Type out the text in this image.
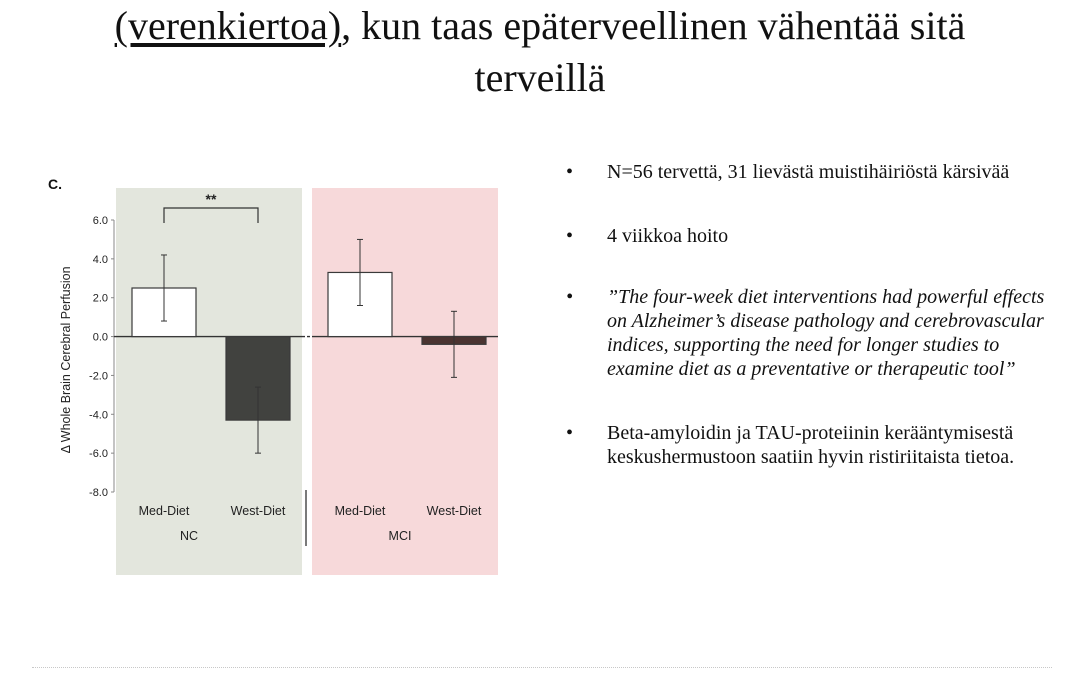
(verenkiertoa), kun taas epäterveellinen vähentää sitä
terveillä
C.
6.0
4.0
2.0
0.0
-2.0
-4.0
-6.0
-8.0
Δ Whole Brain Cerebral Perfusion
Med-Diet	West-Diet
NC
**
Med-Diet	West-Diet
MCI
• N=56 tervettä, 31 lievästä muistihäiriöstä kärsivää
• 4 viikkoa hoito
• ”The four-week diet interventions had powerful effects on Alzheimer’s disease pathology and cerebrovascular indices, supporting the need for longer studies to examine diet as a preventative or therapeutic tool”
• Beta-amyloidin ja TAU-proteiinin kerääntymisestä keskushermustoon saatiin hyvin ristiriitaista tietoa.
